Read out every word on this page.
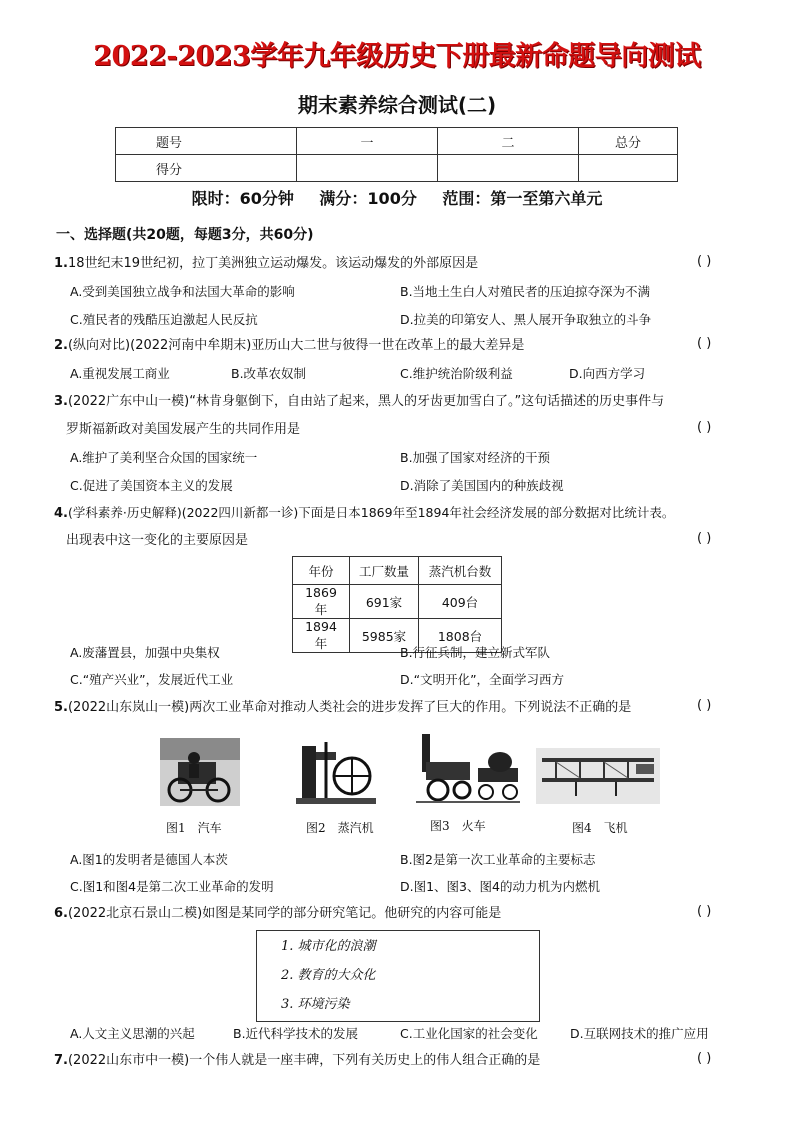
2022-2023学年九年级历史下册最新命题导向测试
期末素养综合测试(二)
题号	一	二	总分
得分			
限时：60分钟 满分：100分 范围：第一至第六单元
一、选择题(共20题，每题3分，共60分)
1.18世纪末19世纪初，拉丁美洲独立运动爆发。该运动爆发的外部原因是	( )
A.受到美国独立战争和法国大革命的影响	B.当地土生白人对殖民者的压迫掠夺深为不满
C.殖民者的残酷压迫激起人民反抗	D.拉美的印第安人、黑人展开争取独立的斗争
2.(纵向对比)(2022河南中牟期末)亚历山大二世与彼得一世在改革上的最大差异是	( )
A.重视发展工商业	B.改革农奴制	C.维护统治阶级利益	D.向西方学习
3.(2022广东中山一模)“林肯身躯倒下，自由站了起来，黑人的牙齿更加雪白了。”这句话描述的历史事件与
罗斯福新政对美国发展产生的共同作用是	( )
A.维护了美利坚合众国的国家统一	B.加强了国家对经济的干预
C.促进了美国资本主义的发展	D.消除了美国国内的种族歧视
4.(学科素养·历史解释)(2022四川新都一诊)下面是日本1869年至1894年社会经济发展的部分数据对比统计表。
出现表中这一变化的主要原因是	( )
年份	工厂数量	蒸汽机台数
1869年	691家	409台
1894年	5985家	1808台
A.废藩置县，加强中央集权	B.行征兵制，建立新式军队
C.“殖产兴业”，发展近代工业	D.“文明开化”，全面学习西方
5.(2022山东岚山一模)两次工业革命对推动人类社会的进步发挥了巨大的作用。下列说法不正确的是	( )
图1　汽车	图2　蒸汽机	图3　火车	图4　飞机
A.图1的发明者是德国人本茨	B.图2是第一次工业革命的主要标志
C.图1和图4是第二次工业革命的发明	D.图1、图3、图4的动力机为内燃机
6.(2022北京石景山二模)如图是某同学的部分研究笔记。他研究的内容可能是	( )
1. 城市化的浪潮
2. 教育的大众化
3. 环境污染
A.人文主义思潮的兴起	B.近代科学技术的发展	C.工业化国家的社会变化	D.互联网技术的推广应用
7.(2022山东市中一模)一个伟人就是一座丰碑，下列有关历史上的伟人组合正确的是	( )
